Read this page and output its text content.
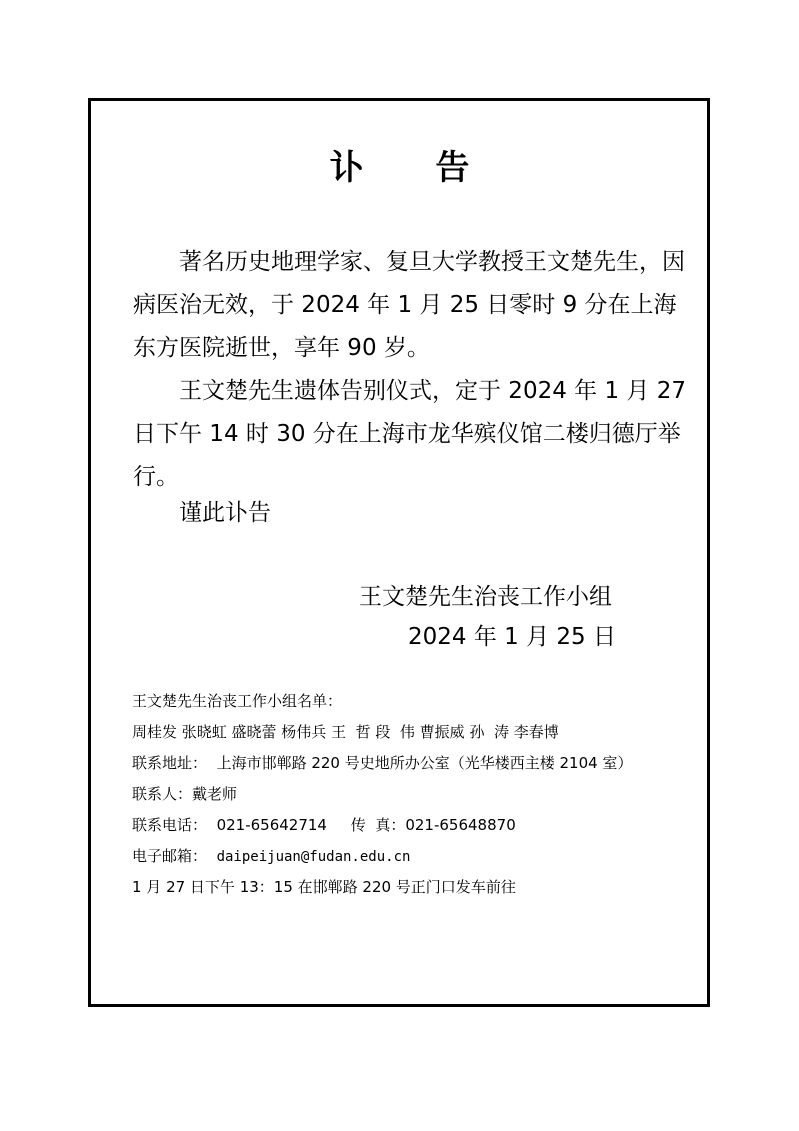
讣 告
著名历史地理学家、复旦大学教授王文楚先生，因病医治无效，于 2024 年 1 月 25 日零时 9 分在上海东方医院逝世，享年 90 岁。
王文楚先生遗体告别仪式，定于 2024 年 1 月 27 日下午 14 时 30 分在上海市龙华殡仪馆二楼归德厅举行。
谨此讣告
王文楚先生治丧工作小组
2024 年 1 月 25 日
王文楚先生治丧工作小组名单：
周桂发 张晓虹 盛晓蕾 杨伟兵 王  哲 段  伟 曹振威 孙  涛 李春博
联系地址： 上海市邯郸路 220 号史地所办公室（光华楼西主楼 2104 室）
联系人：戴老师
联系电话： 021-65642714 传  真：021-65648870
电子邮箱： daipeijuan@fudan.edu.cn
1 月 27 日下午 13：15 在邯郸路 220 号正门口发车前往
